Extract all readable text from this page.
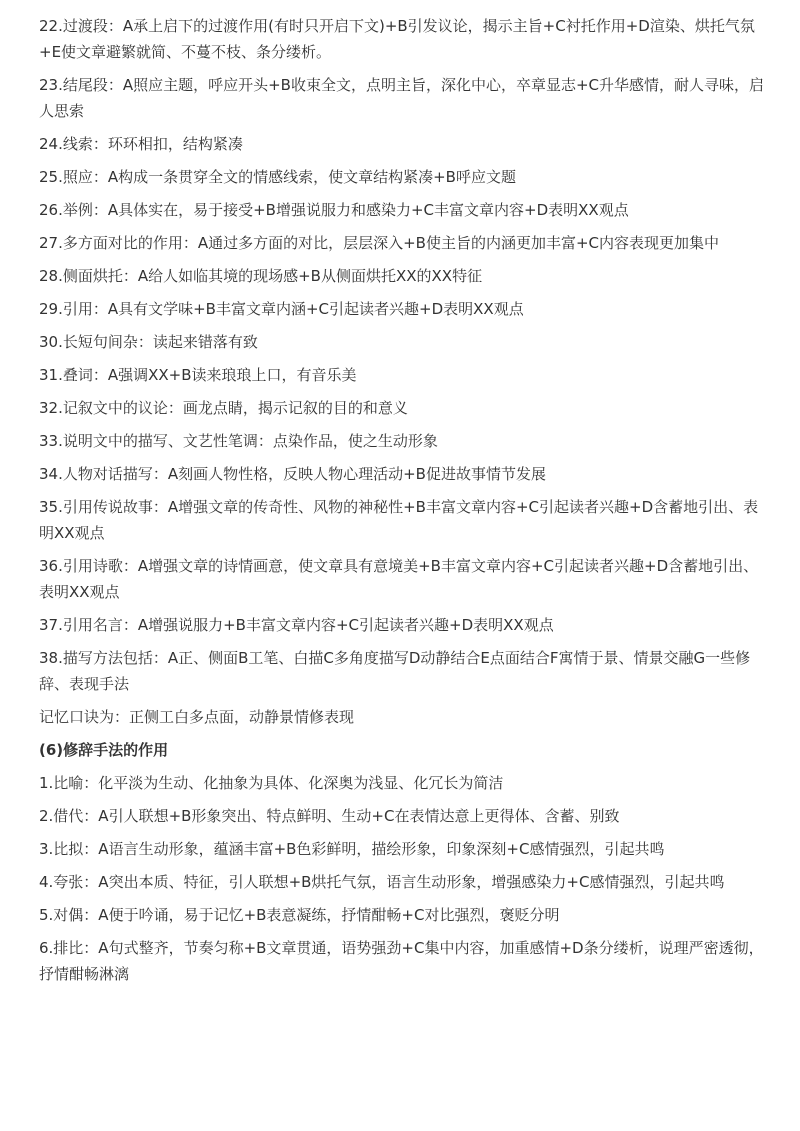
22.过渡段：A承上启下的过渡作用(有时只开启下文)+B引发议论，揭示主旨+C衬托作用+D渲染、烘托气氛+E使文章避繁就简、不蔓不枝、条分缕析。

23.结尾段：A照应主题，呼应开头+B收束全文，点明主旨，深化中心，卒章显志+C升华感情，耐人寻味，启人思索

24.线索：环环相扣，结构紧凑

25.照应：A构成一条贯穿全文的情感线索，使文章结构紧凑+B呼应文题

26.举例：A具体实在，易于接受+B增强说服力和感染力+C丰富文章内容+D表明XX观点

27.多方面对比的作用：A通过多方面的对比，层层深入+B使主旨的内涵更加丰富+C内容表现更加集中

28.侧面烘托：A给人如临其境的现场感+B从侧面烘托XX的XX特征

29.引用：A具有文学味+B丰富文章内涵+C引起读者兴趣+D表明XX观点

30.长短句间杂：读起来错落有致

31.叠词：A强调XX+B读来琅琅上口，有音乐美

32.记叙文中的议论：画龙点睛，揭示记叙的目的和意义

33.说明文中的描写、文艺性笔调：点染作品，使之生动形象

34.人物对话描写：A刻画人物性格，反映人物心理活动+B促进故事情节发展

35.引用传说故事：A增强文章的传奇性、风物的神秘性+B丰富文章内容+C引起读者兴趣+D含蓄地引出、表明XX观点

36.引用诗歌：A增强文章的诗情画意，使文章具有意境美+B丰富文章内容+C引起读者兴趣+D含蓄地引出、表明XX观点

37.引用名言：A增强说服力+B丰富文章内容+C引起读者兴趣+D表明XX观点

38.描写方法包括：A正、侧面B工笔、白描C多角度描写D动静结合E点面结合F寓情于景、情景交融G一些修辞、表现手法

记忆口诀为：正侧工白多点面，动静景情修表现

(6)修辞手法的作用

1.比喻：化平淡为生动、化抽象为具体、化深奥为浅显、化冗长为简洁

2.借代：A引人联想+B形象突出、特点鲜明、生动+C在表情达意上更得体、含蓄、别致

3.比拟：A语言生动形象，蕴涵丰富+B色彩鲜明，描绘形象，印象深刻+C感情强烈，引起共鸣

4.夸张：A突出本质、特征，引人联想+B烘托气氛，语言生动形象，增强感染力+C感情强烈，引起共鸣

5.对偶：A便于吟诵，易于记忆+B表意凝练，抒情酣畅+C对比强烈，褒贬分明

6.排比：A句式整齐，节奏匀称+B文章贯通，语势强劲+C集中内容，加重感情+D条分缕析，说理严密透彻，抒情酣畅淋漓
